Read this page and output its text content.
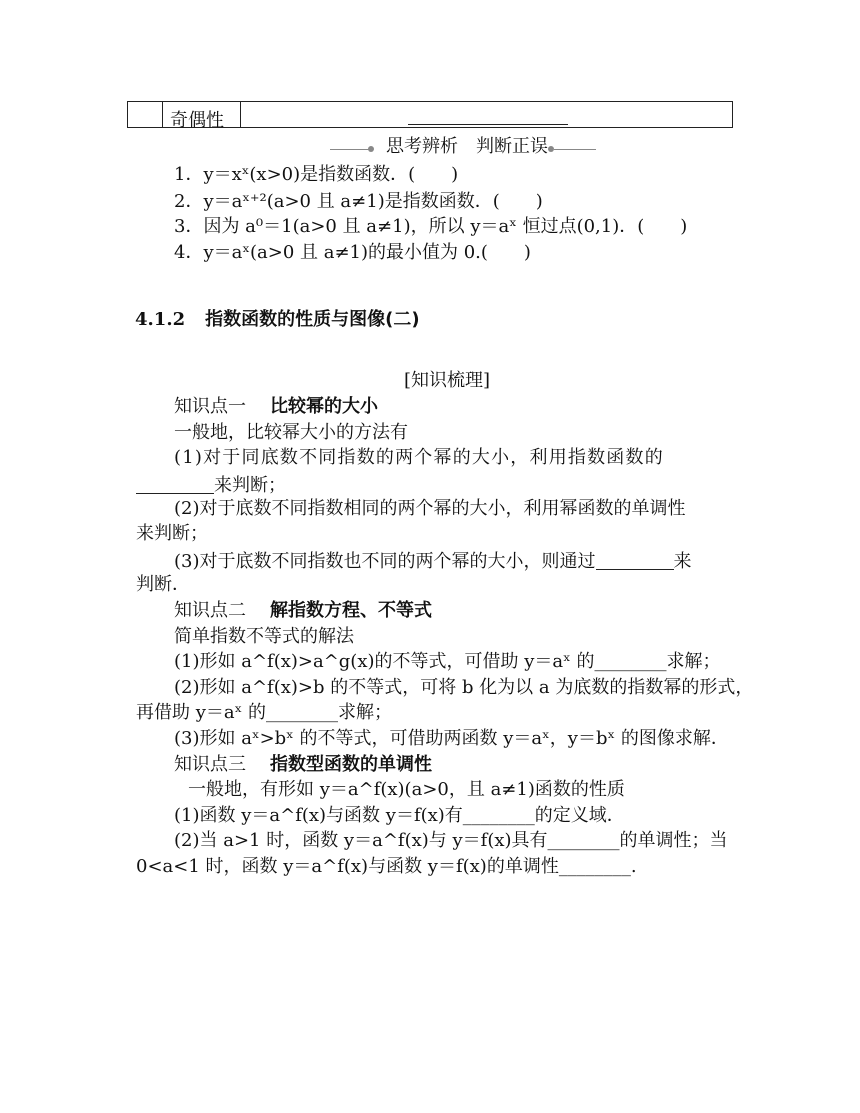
奇偶性
思考辨析　判断正误
1．y＝xˣ(x>0)是指数函数．(　　)
2．y＝aˣ⁺²(a>0 且 a≠1)是指数函数．(　　)
3．因为 a⁰＝1(a>0 且 a≠1)，所以 y＝aˣ 恒过点(0,1)．(　　)
4．y＝aˣ(a>0 且 a≠1)的最小值为 0.(　　)
4.1.2 指数函数的性质与图像(二)
[知识梳理]
知识点一 比较幂的大小
一般地，比较幂大小的方法有
(1)对于同底数不同指数的两个幂的大小，利用指数函数的
来判断；
(2)对于底数不同指数相同的两个幂的大小，利用幂函数的单调性
来判断；
(3)对于底数不同指数也不同的两个幂的大小，则通过	来
判断．
知识点二 解指数方程、不等式
简单指数不等式的解法
(1)形如 a^f(x)>a^g(x)的不等式，可借助 y＝aˣ 的________求解；
(2)形如 a^f(x)>b 的不等式，可将 b 化为以 a 为底数的指数幂的形式，
再借助 y＝aˣ 的________求解；
(3)形如 aˣ>bˣ 的不等式，可借助两函数 y＝aˣ，y＝bˣ 的图像求解．
知识点三 指数型函数的单调性
一般地，有形如 y＝a^f(x)(a>0，且 a≠1)函数的性质
(1)函数 y＝a^f(x)与函数 y＝f(x)有________的定义域．
(2)当 a>1 时，函数 y＝a^f(x)与 y＝f(x)具有________的单调性；当
0<a<1 时，函数 y＝a^f(x)与函数 y＝f(x)的单调性________.
